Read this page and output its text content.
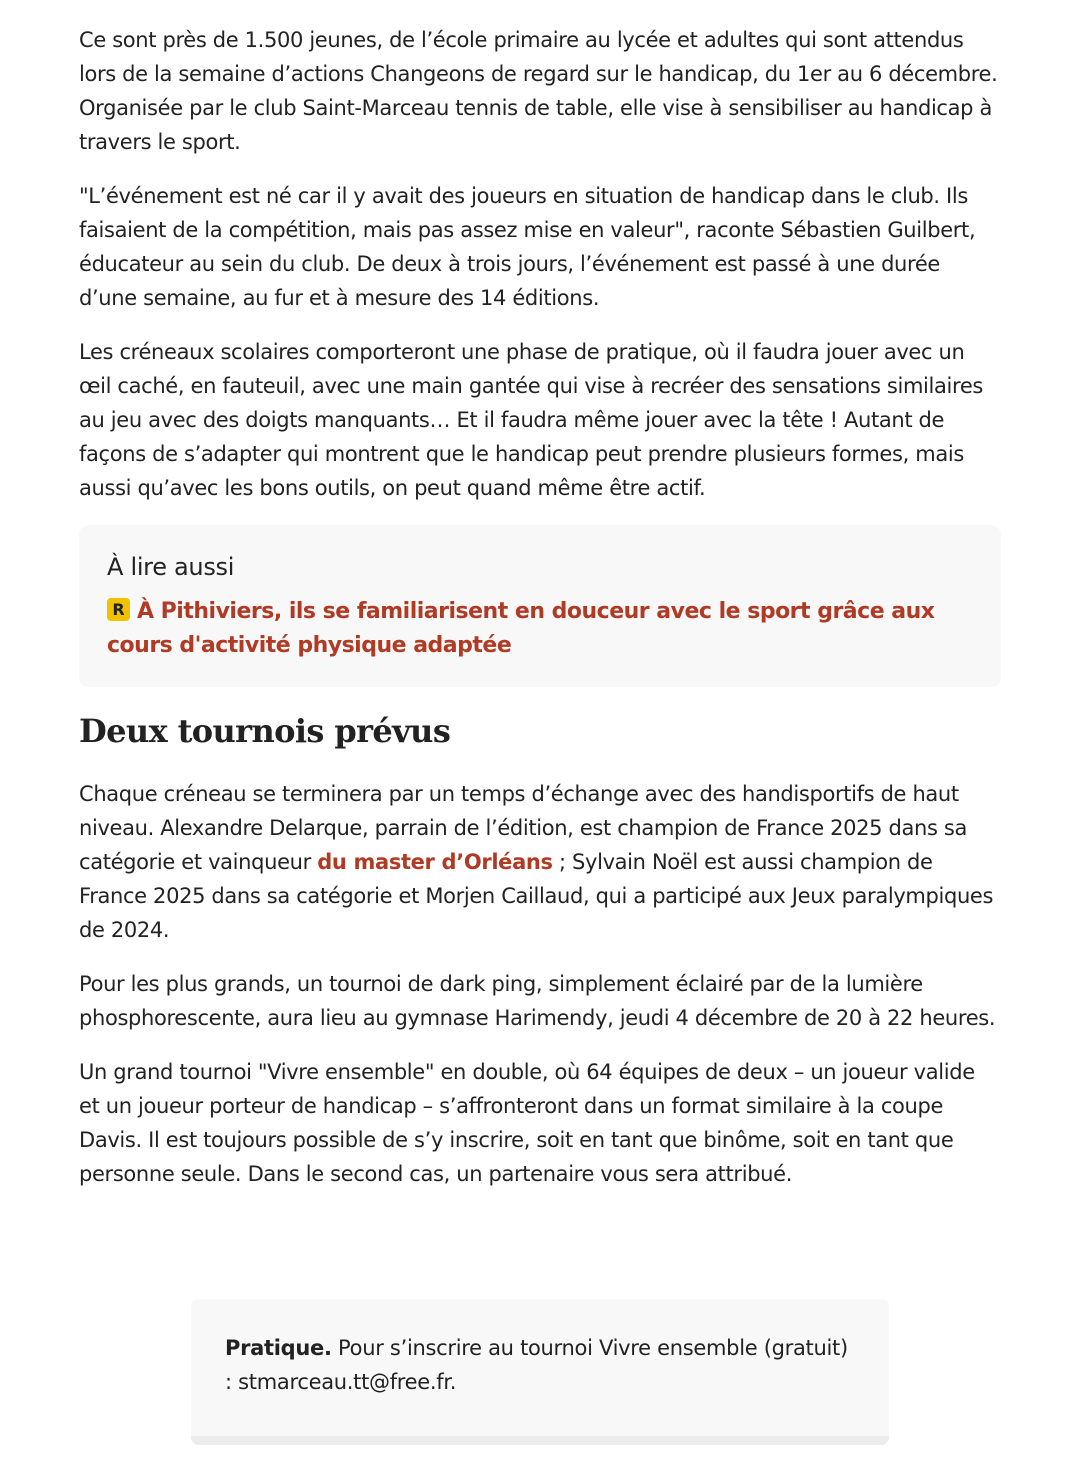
Ce sont près de 1.500 jeunes, de l’école primaire au lycée et adultes qui sont attendus lors de la semaine d’actions Changeons de regard sur le handicap, du 1er au 6 décembre. Organisée par le club Saint-Marceau tennis de table, elle vise à sensibiliser au handicap à travers le sport.

"L’événement est né car il y avait des joueurs en situation de handicap dans le club. Ils faisaient de la compétition, mais pas assez mise en valeur", raconte Sébastien Guilbert, éducateur au sein du club. De deux à trois jours, l’événement est passé à une durée d’une semaine, au fur et à mesure des 14 éditions.

Les créneaux scolaires comporteront une phase de pratique, où il faudra jouer avec un œil caché, en fauteuil, avec une main gantée qui vise à recréer des sensations similaires au jeu avec des doigts manquants… Et il faudra même jouer avec la tête ! Autant de façons de s’adapter qui montrent que le handicap peut prendre plusieurs formes, mais aussi qu’avec les bons outils, on peut quand même être actif.

À lire aussi
R À Pithiviers, ils se familiarisent en douceur avec le sport grâce aux cours d'activité physique adaptée
Deux tournois prévus

Chaque créneau se terminera par un temps d’échange avec des handisportifs de haut niveau. Alexandre Delarque, parrain de l’édition, est champion de France 2025 dans sa catégorie et vainqueur du master d’Orléans ; Sylvain Noël est aussi champion de France 2025 dans sa catégorie et Morjen Caillaud, qui a participé aux Jeux paralympiques de 2024.

Pour les plus grands, un tournoi de dark ping, simplement éclairé par de la lumière phosphorescente, aura lieu au gymnase Harimendy, jeudi 4 décembre de 20 à 22 heures.

Un grand tournoi "Vivre ensemble" en double, où 64 équipes de deux – un joueur valide et un joueur porteur de handicap – s’affronteront dans un format similaire à la coupe Davis. Il est toujours possible de s’y inscrire, soit en tant que binôme, soit en tant que personne seule. Dans le second cas, un partenaire vous sera attribué.

Pratique. Pour s’inscrire au tournoi Vivre ensemble (gratuit) : stmarceau.tt@free.fr.
